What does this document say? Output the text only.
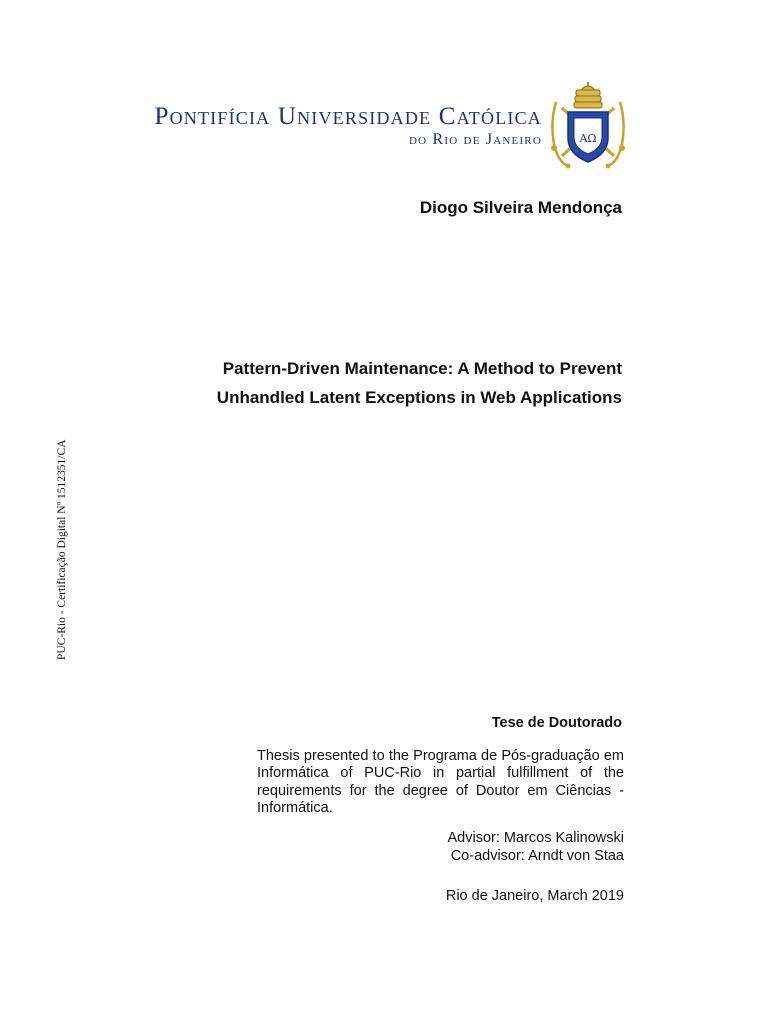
Pontifícia Universidade Católica
do Rio de Janeiro	ΑΩ
Diogo Silveira Mendonça
Pattern-Driven Maintenance: A Method to Prevent
Unhandled Latent Exceptions in Web Applications
PUC-Rio - Certificação Digital Nº 1512351/CA
Tese de Doutorado
Thesis presented to the Programa de Pós-graduação em Informática of PUC-Rio in partial fulfillment of the requirements for the degree of Doutor em Ciências - Informática.
Advisor: Marcos Kalinowski
Co-advisor: Arndt von Staa
Rio de Janeiro, March 2019
